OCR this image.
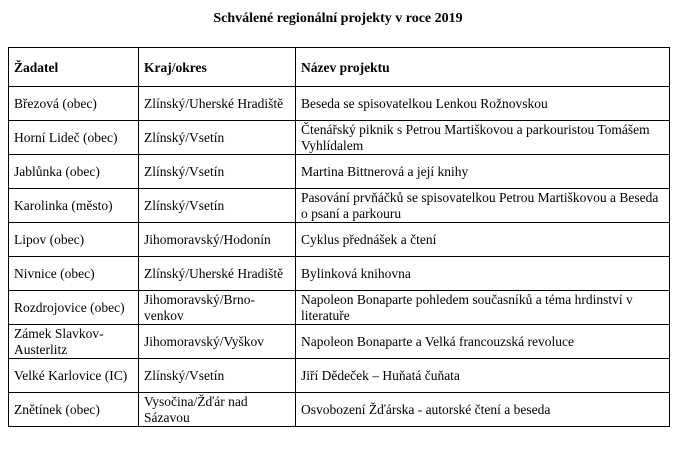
Schválené regionální projekty v roce 2019
Žadatel	Kraj/okres	Název projektu
Březová (obec)	Zlínský/Uherské Hradiště	Beseda se spisovatelkou Lenkou Rožnovskou
Horní Lideč (obec)	Zlínský/Vsetín	Čtenářský piknik s Petrou Martiškovou a parkouristou Tomášem Vyhlídalem
Jablůnka (obec)	Zlínský/Vsetín	Martina Bittnerová a její knihy
Karolinka (město)	Zlínský/Vsetín	Pasování prvňáčků se spisovatelkou Petrou Martiškovou a Beseda o psaní a parkouru
Lipov (obec)	Jihomoravský/Hodonín	Cyklus přednášek a čtení
Nivnice (obec)	Zlínský/Uherské Hradiště	Bylinková knihovna
Rozdrojovice (obec)	Jihomoravský/Brno-venkov	Napoleon Bonaparte pohledem současníků a téma hrdinství v literatuře
Zámek Slavkov-Austerlitz	Jihomoravský/Vyškov	Napoleon Bonaparte a Velká francouzská revoluce
Velké Karlovice (IC)	Zlínský/Vsetín	Jiří Dědeček – Huňatá čuňata
Znětínek (obec)	Vysočina/Žďár nad Sázavou	Osvobození Žďárska - autorské čtení a beseda
